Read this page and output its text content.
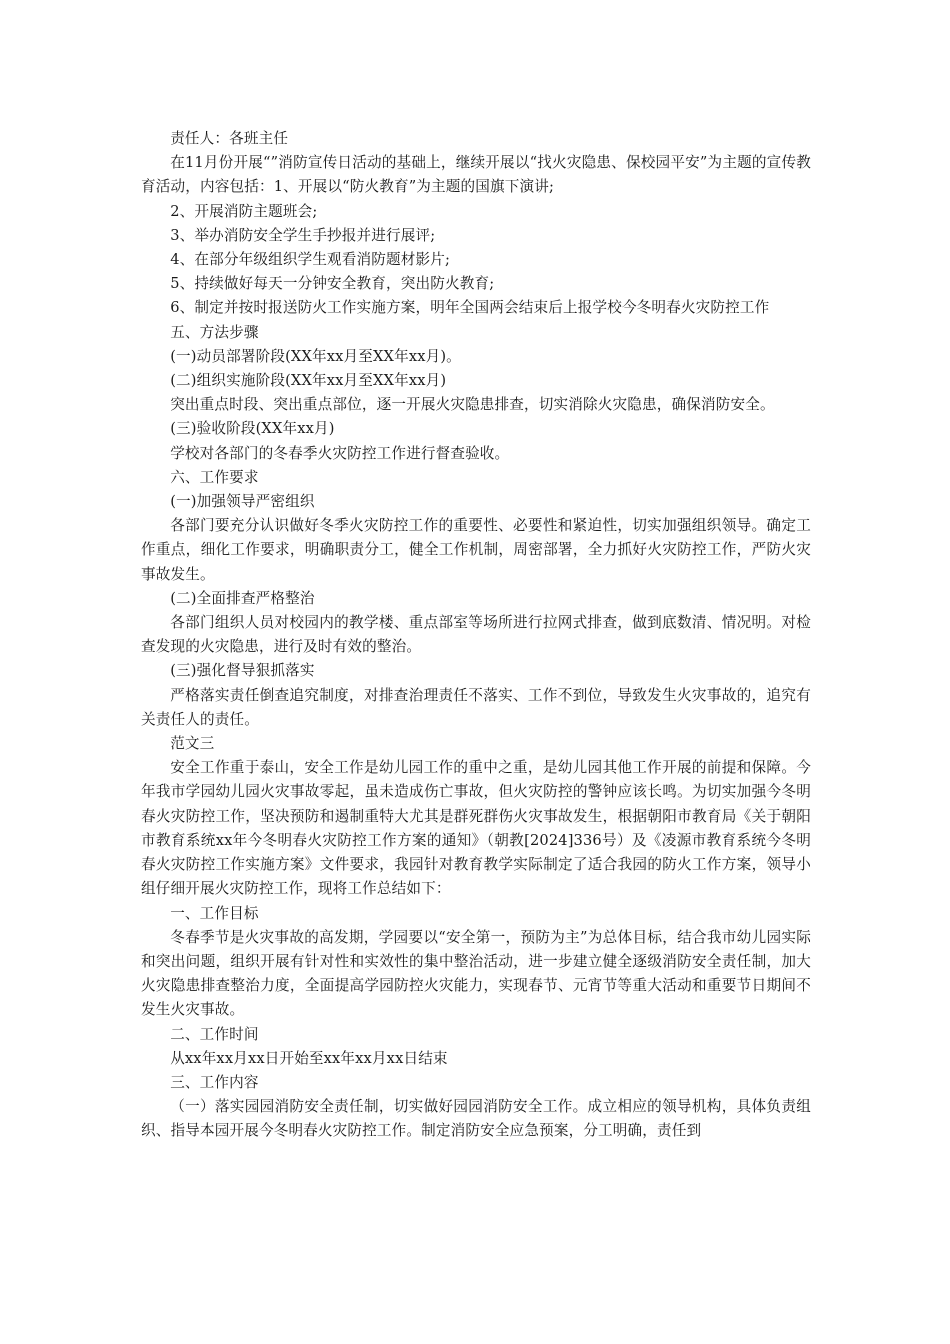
责任人：各班主任

在11月份开展“”消防宣传日活动的基础上，继续开展以“找火灾隐患、保校园平安”为主题的宣传教育活动，内容包括：1、开展以“防火教育”为主题的国旗下演讲;

2、开展消防主题班会;

3、举办消防安全学生手抄报并进行展评;

4、在部分年级组织学生观看消防题材影片;

5、持续做好每天一分钟安全教育，突出防火教育;

6、制定并按时报送防火工作实施方案，明年全国两会结束后上报学校今冬明春火灾防控工作

五、方法步骤

(一)动员部署阶段(XX年xx月至XX年xx月)。

(二)组织实施阶段(XX年xx月至XX年xx月)

突出重点时段、突出重点部位，逐一开展火灾隐患排查，切实消除火灾隐患，确保消防安全。

(三)验收阶段(XX年xx月)

学校对各部门的冬春季火灾防控工作进行督查验收。

六、工作要求

(一)加强领导严密组织

各部门要充分认识做好冬季火灾防控工作的重要性、必要性和紧迫性，切实加强组织领导。确定工作重点，细化工作要求，明确职责分工，健全工作机制，周密部署，全力抓好火灾防控工作，严防火灾事故发生。

(二)全面排查严格整治

各部门组织人员对校园内的教学楼、重点部室等场所进行拉网式排查，做到底数清、情况明。对检查发现的火灾隐患，进行及时有效的整治。

(三)强化督导狠抓落实

严格落实责任倒查追究制度，对排查治理责任不落实、工作不到位，导致发生火灾事故的，追究有关责任人的责任。

范文三

安全工作重于泰山，安全工作是幼儿园工作的重中之重，是幼儿园其他工作开展的前提和保障。今年我市学园幼儿园火灾事故零起，虽未造成伤亡事故，但火灾防控的警钟应该长鸣。为切实加强今冬明春火灾防控工作，坚决预防和遏制重特大尤其是群死群伤火灾事故发生，根据朝阳市教育局《关于朝阳市教育系统xx年今冬明春火灾防控工作方案的通知》（朝教[2024]336号）及《凌源市教育系统今冬明春火灾防控工作实施方案》文件要求，我园针对教育教学实际制定了适合我园的防火工作方案，领导小组仔细开展火灾防控工作，现将工作总结如下：

一、工作目标

冬春季节是火灾事故的高发期，学园要以“安全第一，预防为主”为总体目标，结合我市幼儿园实际和突出问题，组织开展有针对性和实效性的集中整治活动，进一步建立健全逐级消防安全责任制，加大火灾隐患排查整治力度，全面提高学园防控火灾能力，实现春节、元宵节等重大活动和重要节日期间不发生火灾事故。

二、工作时间

从xx年xx月xx日开始至xx年xx月xx日结束

三、工作内容

（一）落实园园消防安全责任制，切实做好园园消防安全工作。成立相应的领导机构，具体负责组织、指导本园开展今冬明春火灾防控工作。制定消防安全应急预案，分工明确，责任到
